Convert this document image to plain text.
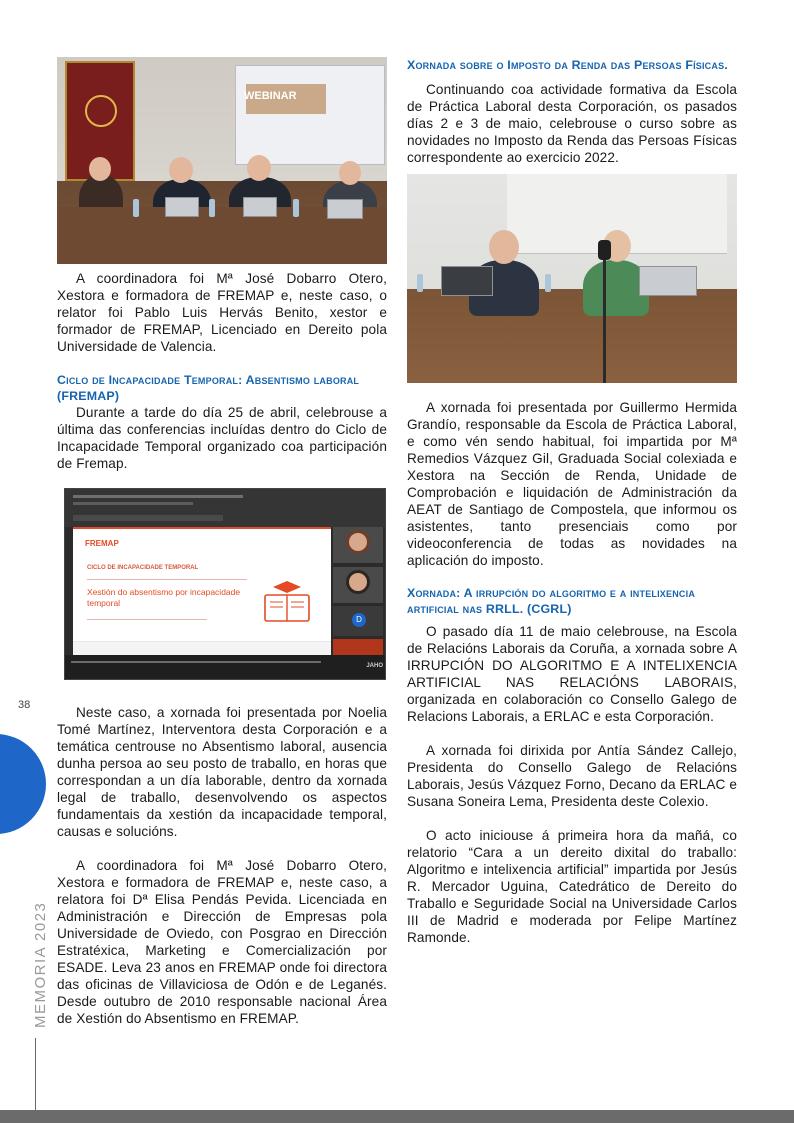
WEBINAR

A coordinadora foi Mª José Dobarro Otero, Xestora e formadora de FREMAP e, neste caso, o relator foi Pablo Luis Hervás Benito, xestor e formador de FREMAP, Licenciado en Dereito pola Universidade de Valencia.

Ciclo de Incapacidade Temporal: Absentismo laboral (FREMAP)

Durante a tarde do día 25 de abril, celebrouse a última das conferencias incluídas dentro do Ciclo de Incapacidade Temporal organizado coa participación de Fremap.

FREMAP
CICLO DE INCAPACIDADE TEMPORAL
Xestión do absentismo por incapacidade temporal
D
JAHO

Neste caso, a xornada foi presentada por Noelia Tomé Martínez, Interventora desta Corporación e a temática centrouse no Absentismo laboral, ausencia dunha persoa ao seu posto de traballo, en horas que correspondan a un día laborable, dentro da xornada legal de traballo, desenvolvendo os aspectos fundamentais da xestión da incapacidade temporal, causas e solucións.

A coordinadora foi Mª José Dobarro Otero, Xestora e formadora de FREMAP e, neste caso, a relatora foi Dª Elisa Pendás Pevida. Licenciada en Administración e Dirección de Empresas pola Universidade de Oviedo, con Posgrao en Dirección Estratéxica, Marketing e Comercialización por ESADE. Leva 23 anos en FREMAP onde foi directora das oficinas de Villaviciosa de Odón e de Leganés. Desde outubro de 2010 responsable nacional Área de Xestión do Absentismo en FREMAP.

Xornada sobre o Imposto da Renda das Persoas Físicas.

Continuando coa actividade formativa da Escola de Práctica Laboral desta Corporación, os pasados días 2 e 3 de maio, celebrouse o curso sobre as novidades no Imposto da Renda das Persoas Físicas correspondente ao exercicio 2022.

A xornada foi presentada por Guillermo Hermida Grandío, responsable da Escola de Práctica Laboral, e como vén sendo habitual, foi impartida por Mª Remedios Vázquez Gil, Graduada Social colexiada e Xestora na Sección de Renda, Unidade de Comprobación e liquidación de Administración da AEAT de Santiago de Compostela, que informou os asistentes, tanto presenciais como por videoconferencia de todas as novidades na aplicación do imposto.

Xornada: A irrupción do algoritmo e a intelixencia artificial nas RRLL. (CGRL)

O pasado día 11 de maio celebrouse, na Escola de Relacións Laborais da Coruña, a xornada sobre A IRRUPCIÓN DO ALGORITMO E A INTELIXENCIA ARTIFICIAL NAS RELACIÓNS LABORAIS, organizada en colaboración co Consello Galego de Relacions Laborais, a ERLAC e esta Corporación.

A xornada foi dirixida por Antía Sández Callejo, Presidenta do Consello Galego de Relacións Laborais, Jesús Vázquez Forno, Decano da ERLAC e Susana Soneira Lema, Presidenta deste Colexio.

O acto iniciouse á primeira hora da mañá, co relatorio “Cara a un dereito dixital do traballo: Algoritmo e intelixencia artificial” impartida por Jesús R. Mercador Uguina, Catedrático de Dereito do Traballo e Seguridade Social na Universidade Carlos III de Madrid e moderada por Felipe Martínez Ramonde.

38
MEMORIA 2023
